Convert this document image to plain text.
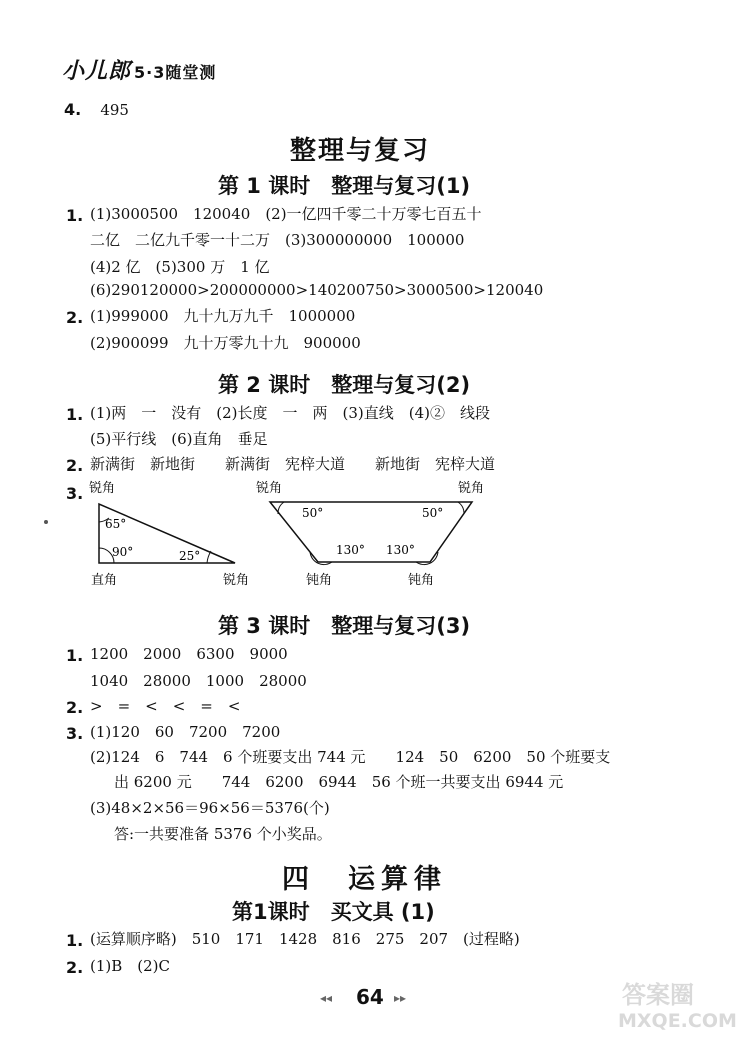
小儿郎 5·3随堂测
4. 495
整理与复习
第 1 课时　整理与复习(1)
1. (1)3000500　120040　(2)一亿四千零二十万零七百五十
二亿　二亿九千零一十二万　(3)300000000　100000
(4)2 亿　(5)300 万　1 亿
(6)290120000>200000000>140200750>3000500>120040
2. (1)999000　九十九万九千　1000000
(2)900099　九十万零九十九　900000
第 2 课时　整理与复习(2)
1. (1)两　一　没有　(2)长度　一　两　(3)直线　(4)②　线段
(5)平行线　(6)直角　垂足
2. 新满街　新地街　　新满街　宪梓大道　　新地街　宪梓大道
3. 锐角
65°
90°	25°
直角	锐角
锐角	锐角
50°	50°
130° 130°
钝角	钝角
第 3 课时　整理与复习(3)
1. 1200　2000　6300　9000
1040　28000　1000　28000
2. >　=　<　<　=　<
3. (1)120　60　7200　7200
(2)124　6　744　6 个班要支出 744 元　　124　50　6200　50 个班要支
出 6200 元　　744　6200　6944　56 个班一共要支出 6944 元
(3)48×2×56＝96×56＝5376(个)
答:一共要准备 5376 个小奖品。
四　运算律
第1课时　买文具 (1)
1. (运算顺序略)　510　171　1428　816　275　207　(过程略)
2. (1)B　(2)C
◂◂ 64 ▸▸	答案圈
MXQE.COM
